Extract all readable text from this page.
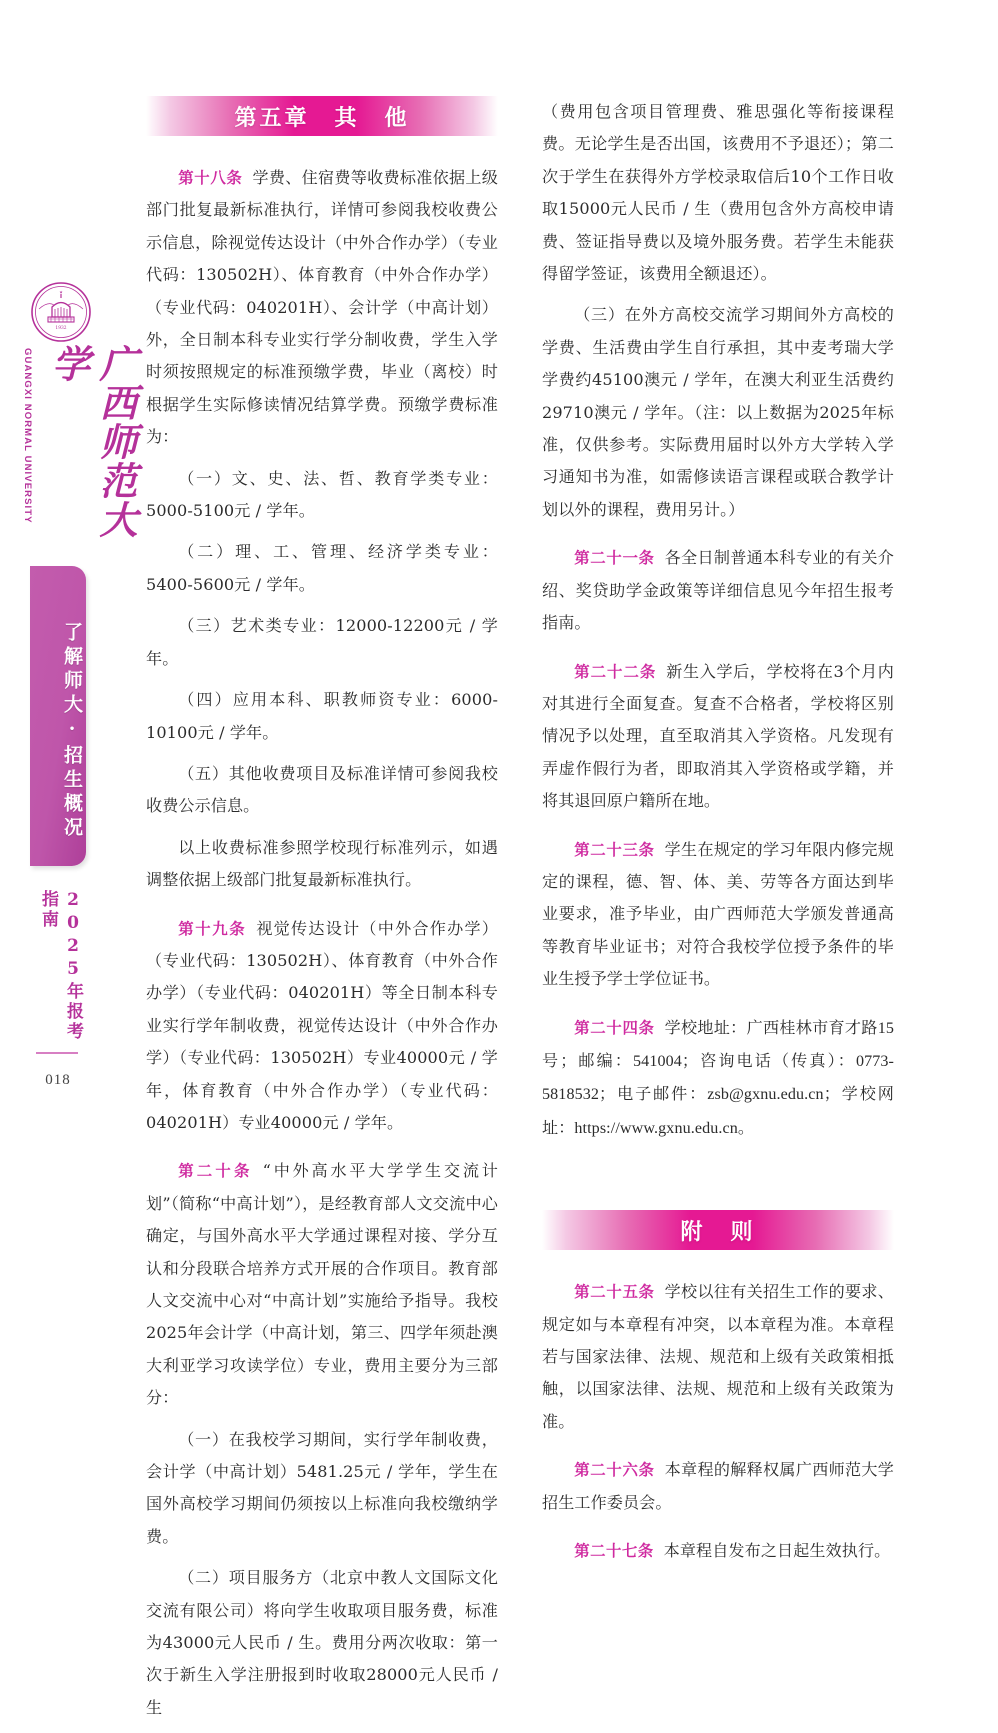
1932
★
GUANGXI NORMAL UNIVERSITY	广西师范大学
了解师大·招生概况
2025年报考指南
018
第五章　其　他

第十八条 学费、住宿费等收费标准依据上级部门批复最新标准执行，详情可参阅我校收费公示信息，除视觉传达设计（中外合作办学）（专业代码：130502H）、体育教育（中外合作办学）（专业代码：040201H）、会计学（中高计划）外，全日制本科专业实行学分制收费，学生入学时须按照规定的标准预缴学费，毕业（离校）时根据学生实际修读情况结算学费。预缴学费标准为：

（一）文、史、法、哲、教育学类专业：5000-5100元 / 学年。

（二）理、工、管理、经济学类专业：5400-5600元 / 学年。

（三）艺术类专业：12000-12200元 / 学年。

（四）应用本科、职教师资专业：6000-10100元 / 学年。

（五）其他收费项目及标准详情可参阅我校收费公示信息。

以上收费标准参照学校现行标准列示，如遇调整依据上级部门批复最新标准执行。

第十九条 视觉传达设计（中外合作办学）（专业代码：130502H）、体育教育（中外合作办学）（专业代码：040201H）等全日制本科专业实行学年制收费，视觉传达设计（中外合作办学）（专业代码：130502H）专业40000元 / 学年，体育教育（中外合作办学）（专业代码：040201H）专业40000元 / 学年。

第二十条 “中外高水平大学学生交流计划”（简称“中高计划”），是经教育部人文交流中心确定，与国外高水平大学通过课程对接、学分互认和分段联合培养方式开展的合作项目。教育部人文交流中心对“中高计划”实施给予指导。我校2025年会计学（中高计划，第三、四学年须赴澳大利亚学习攻读学位）专业，费用主要分为三部分：

（一）在我校学习期间，实行学年制收费，会计学（中高计划）5481.25元 / 学年，学生在国外高校学习期间仍须按以上标准向我校缴纳学费。

（二）项目服务方（北京中教人文国际文化交流有限公司）将向学生收取项目服务费，标准为43000元人民币 / 生。费用分两次收取：第一次于新生入学注册报到时收取28000元人民币 / 生

（费用包含项目管理费、雅思强化等衔接课程费。无论学生是否出国，该费用不予退还）；第二次于学生在获得外方学校录取信后10个工作日收取15000元人民币 / 生（费用包含外方高校申请费、签证指导费以及境外服务费。若学生未能获得留学签证，该费用全额退还）。

（三）在外方高校交流学习期间外方高校的学费、生活费由学生自行承担，其中麦考瑞大学学费约45100澳元 / 学年，在澳大利亚生活费约29710澳元 / 学年。（注：以上数据为2025年标准，仅供参考。实际费用届时以外方大学转入学习通知书为准，如需修读语言课程或联合教学计划以外的课程，费用另计。）

第二十一条 各全日制普通本科专业的有关介绍、奖贷助学金政策等详细信息见今年招生报考指南。

第二十二条 新生入学后，学校将在3个月内对其进行全面复查。复查不合格者，学校将区别情况予以处理，直至取消其入学资格。凡发现有弄虚作假行为者，即取消其入学资格或学籍，并将其退回原户籍所在地。

第二十三条 学生在规定的学习年限内修完规定的课程，德、智、体、美、劳等各方面达到毕业要求，准予毕业，由广西师范大学颁发普通高等教育毕业证书；对符合我校学位授予条件的毕业生授予学士学位证书。

第二十四条 学校地址：广西桂林市育才路15号；邮编：541004；咨询电话（传真）：0773-5818532；电子邮件：zsb@gxnu.edu.cn；学校网址：https://www.gxnu.edu.cn。

附　则

第二十五条 学校以往有关招生工作的要求、规定如与本章程有冲突，以本章程为准。本章程若与国家法律、法规、规范和上级有关政策相抵触，以国家法律、法规、规范和上级有关政策为准。

第二十六条 本章程的解释权属广西师范大学招生工作委员会。

第二十七条 本章程自发布之日起生效执行。
